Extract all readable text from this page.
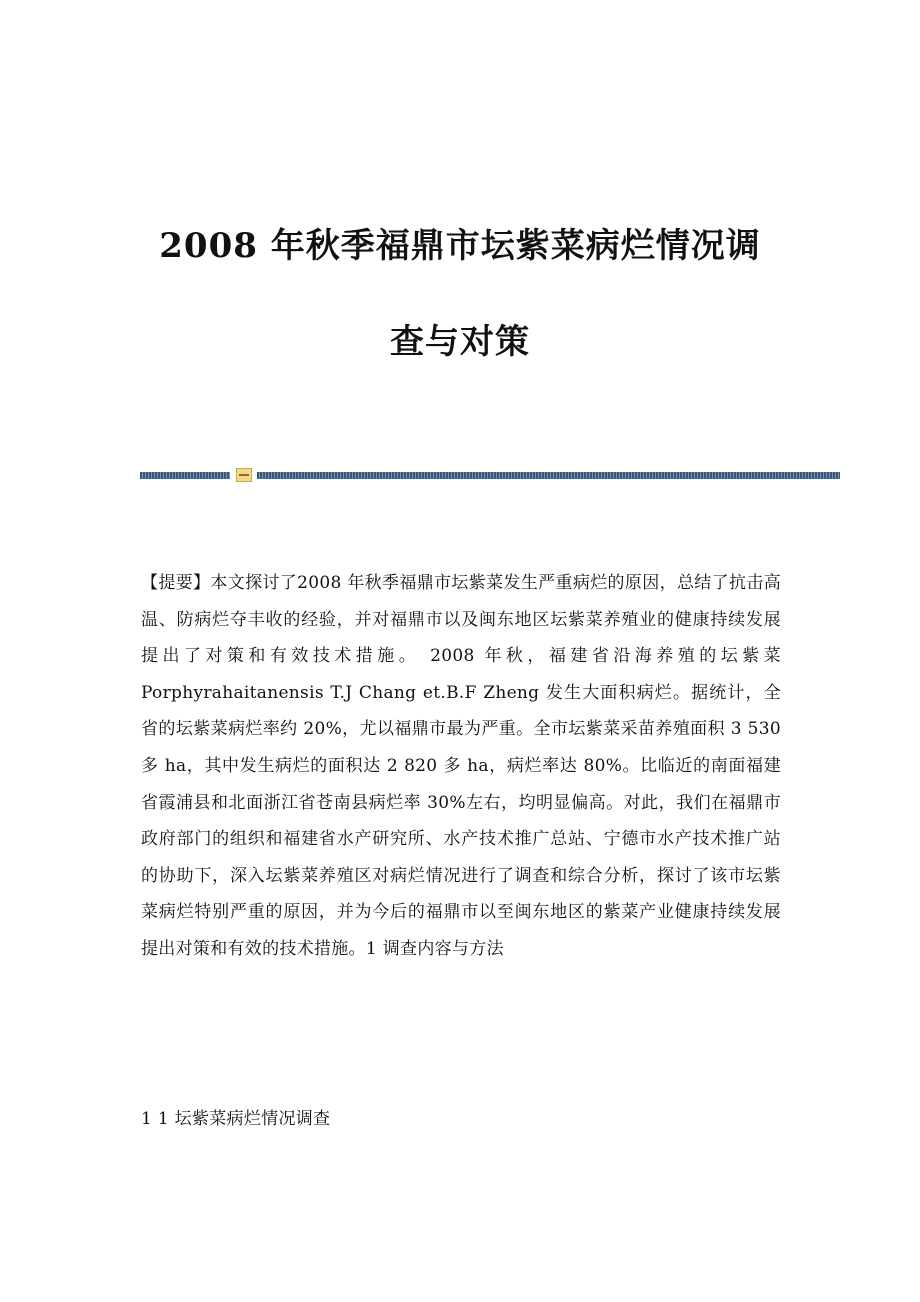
2008 年秋季福鼎市坛紫菜病烂情况调
查与对策

【提要】本文探讨了2008 年秋季福鼎市坛紫菜发生严重病烂的原因，总结了抗击高温、防病烂夺丰收的经验，并对福鼎市以及闽东地区坛紫菜养殖业的健康持续发展提出了对策和有效技术措施。 2008 年秋，福建省沿海养殖的坛紫菜Porphyrahaitanensis T.J Chang et.B.F Zheng 发生大面积病烂。据统计，全省的坛紫菜病烂率约 20%，尤以福鼎市最为严重。全市坛紫菜采苗养殖面积 3 530 多 ha，其中发生病烂的面积达 2 820 多 ha，病烂率达 80%。比临近的南面福建省霞浦县和北面浙江省苍南县病烂率 30%左右，均明显偏高。对此，我们在福鼎市政府部门的组织和福建省水产研究所、水产技术推广总站、宁德市水产技术推广站的协助下，深入坛紫菜养殖区对病烂情况进行了调查和综合分析，探讨了该市坛紫菜病烂特别严重的原因，并为今后的福鼎市以至闽东地区的紫菜产业健康持续发展提出对策和有效的技术措施。1 调查内容与方法

1 1 坛紫菜病烂情况调查
